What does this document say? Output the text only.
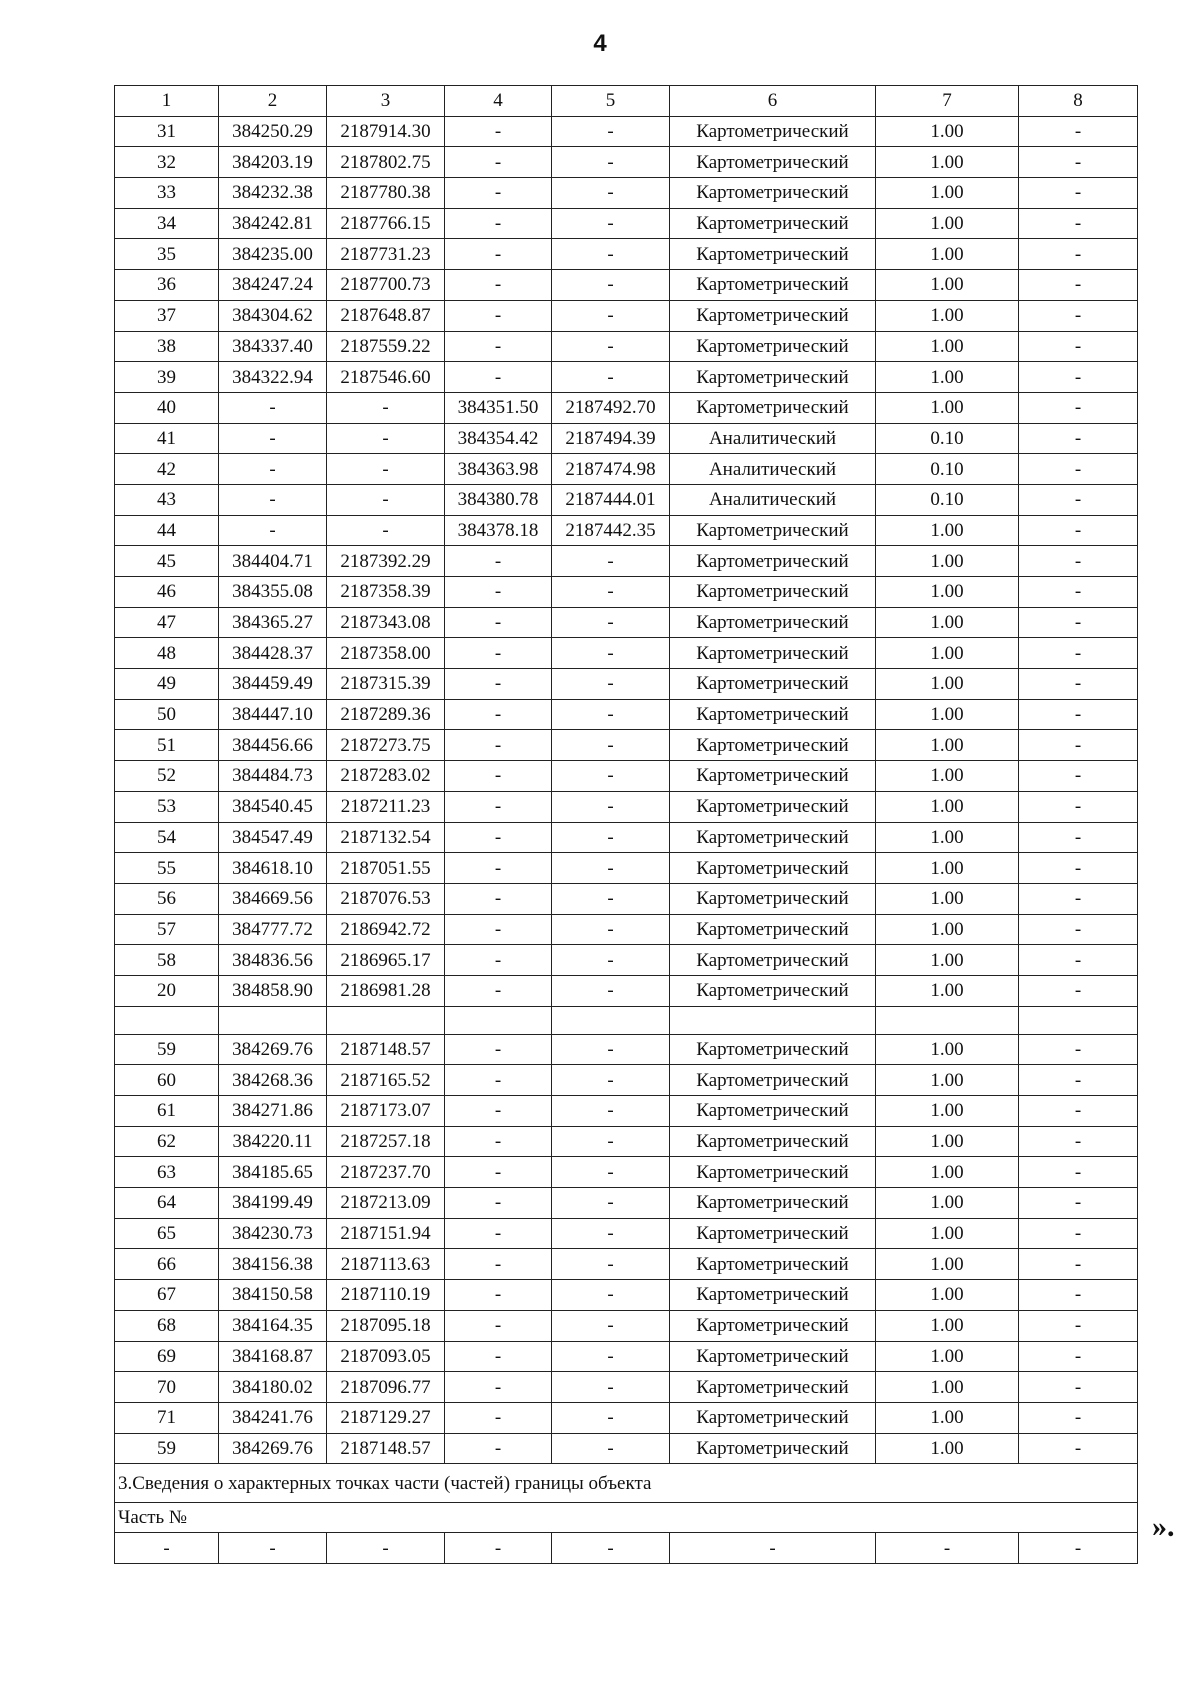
4
1	2	3	4	5	6	7	8
31	384250.29	2187914.30	-	-	Картометрический	1.00	-
32	384203.19	2187802.75	-	-	Картометрический	1.00	-
33	384232.38	2187780.38	-	-	Картометрический	1.00	-
34	384242.81	2187766.15	-	-	Картометрический	1.00	-
35	384235.00	2187731.23	-	-	Картометрический	1.00	-
36	384247.24	2187700.73	-	-	Картометрический	1.00	-
37	384304.62	2187648.87	-	-	Картометрический	1.00	-
38	384337.40	2187559.22	-	-	Картометрический	1.00	-
39	384322.94	2187546.60	-	-	Картометрический	1.00	-
40	-	-	384351.50	2187492.70	Картометрический	1.00	-
41	-	-	384354.42	2187494.39	Аналитический	0.10	-
42	-	-	384363.98	2187474.98	Аналитический	0.10	-
43	-	-	384380.78	2187444.01	Аналитический	0.10	-
44	-	-	384378.18	2187442.35	Картометрический	1.00	-
45	384404.71	2187392.29	-	-	Картометрический	1.00	-
46	384355.08	2187358.39	-	-	Картометрический	1.00	-
47	384365.27	2187343.08	-	-	Картометрический	1.00	-
48	384428.37	2187358.00	-	-	Картометрический	1.00	-
49	384459.49	2187315.39	-	-	Картометрический	1.00	-
50	384447.10	2187289.36	-	-	Картометрический	1.00	-
51	384456.66	2187273.75	-	-	Картометрический	1.00	-
52	384484.73	2187283.02	-	-	Картометрический	1.00	-
53	384540.45	2187211.23	-	-	Картометрический	1.00	-
54	384547.49	2187132.54	-	-	Картометрический	1.00	-
55	384618.10	2187051.55	-	-	Картометрический	1.00	-
56	384669.56	2187076.53	-	-	Картометрический	1.00	-
57	384777.72	2186942.72	-	-	Картометрический	1.00	-
58	384836.56	2186965.17	-	-	Картометрический	1.00	-
20	384858.90	2186981.28	-	-	Картометрический	1.00	-

59	384269.76	2187148.57	-	-	Картометрический	1.00	-
60	384268.36	2187165.52	-	-	Картометрический	1.00	-
61	384271.86	2187173.07	-	-	Картометрический	1.00	-
62	384220.11	2187257.18	-	-	Картометрический	1.00	-
63	384185.65	2187237.70	-	-	Картометрический	1.00	-
64	384199.49	2187213.09	-	-	Картометрический	1.00	-
65	384230.73	2187151.94	-	-	Картометрический	1.00	-
66	384156.38	2187113.63	-	-	Картометрический	1.00	-
67	384150.58	2187110.19	-	-	Картометрический	1.00	-
68	384164.35	2187095.18	-	-	Картометрический	1.00	-
69	384168.87	2187093.05	-	-	Картометрический	1.00	-
70	384180.02	2187096.77	-	-	Картометрический	1.00	-
71	384241.76	2187129.27	-	-	Картометрический	1.00	-
59	384269.76	2187148.57	-	-	Картометрический	1.00	-
3.Сведения о характерных точках части (частей) границы объекта							
Часть №							
-	-	-	-	-	-	-	-
».
